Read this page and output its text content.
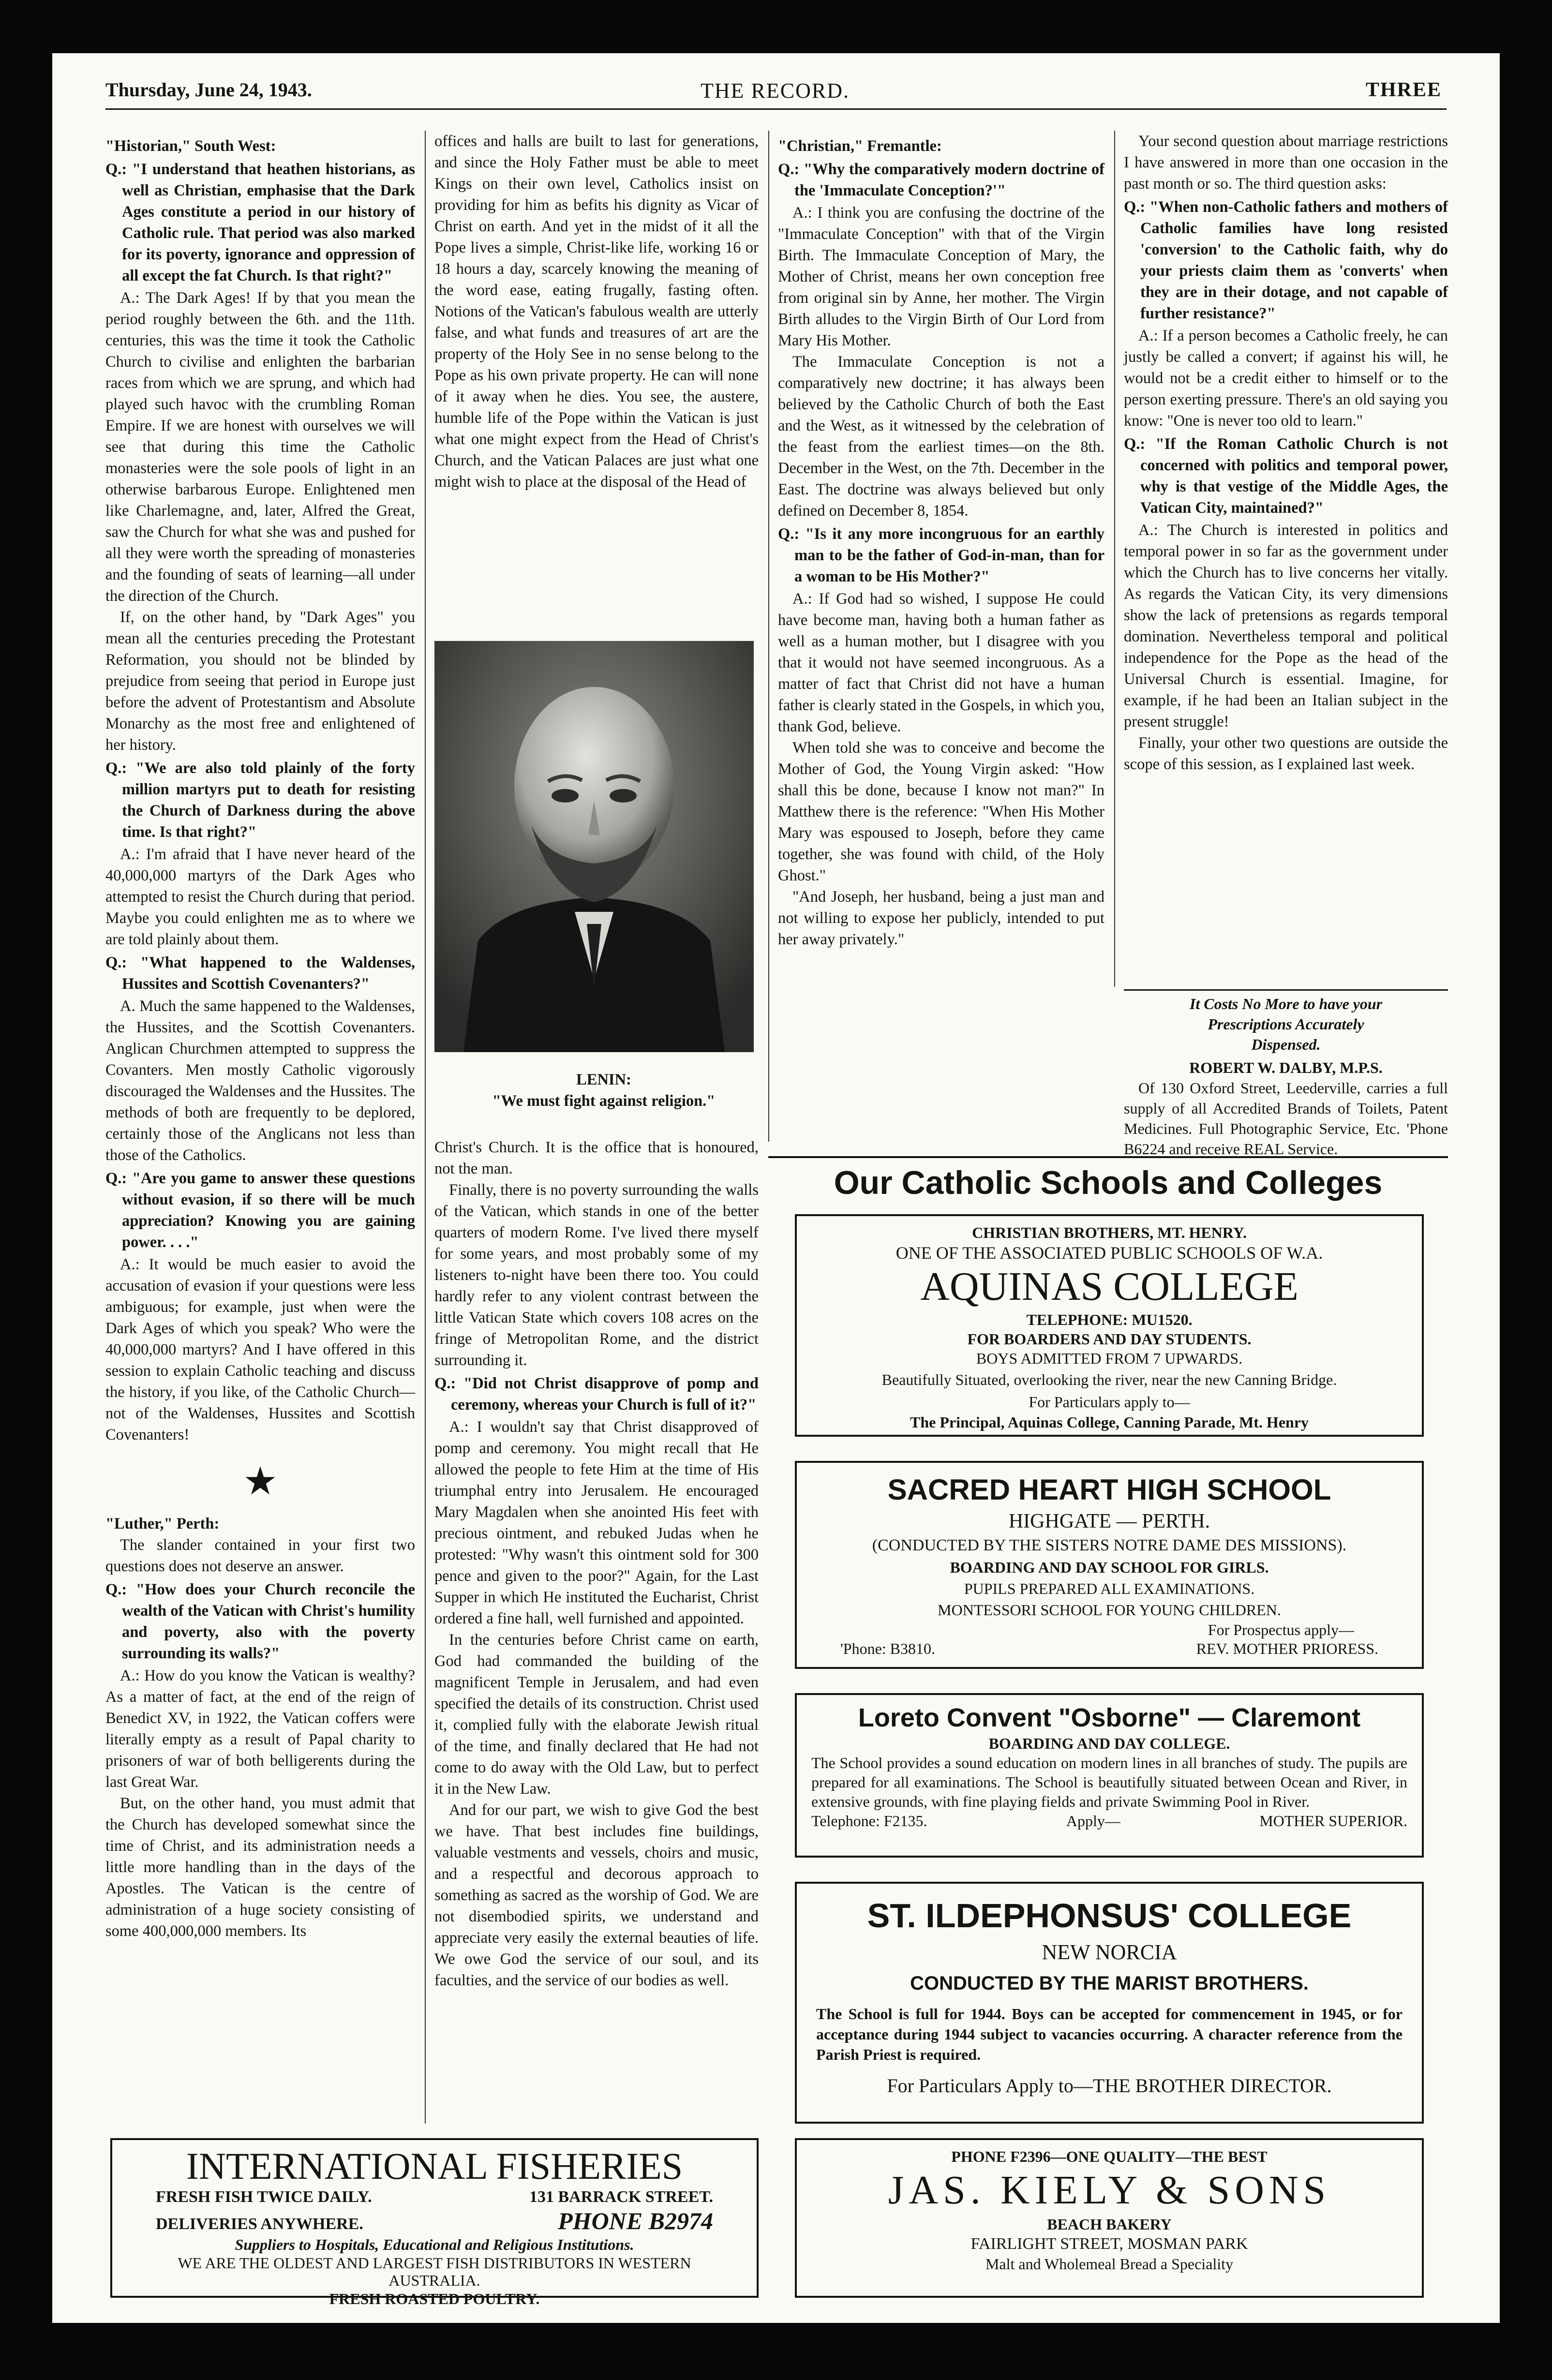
Thursday, June 24, 1943.	THE RECORD.	THREE

"Historian," South West:

Q.: "I understand that heathen historians, as well as Christian, emphasise that the Dark Ages constitute a period in our history of Catholic rule. That period was also marked for its poverty, ignorance and oppression of all except the fat Church. Is that right?"

A.: The Dark Ages! If by that you mean the period roughly between the 6th. and the 11th. centuries, this was the time it took the Catholic Church to civilise and enlighten the barbarian races from which we are sprung, and which had played such havoc with the crumbling Roman Empire. If we are honest with ourselves we will see that during this time the Catholic monasteries were the sole pools of light in an otherwise barbarous Europe. Enlightened men like Charlemagne, and, later, Alfred the Great, saw the Church for what she was and pushed for all they were worth the spreading of monasteries and the founding of seats of learning—all under the direction of the Church.

If, on the other hand, by "Dark Ages" you mean all the centuries preceding the Protestant Reformation, you should not be blinded by prejudice from seeing that period in Europe just before the advent of Protestantism and Absolute Monarchy as the most free and enlightened of her history.

Q.: "We are also told plainly of the forty million martyrs put to death for resisting the Church of Darkness during the above time. Is that right?"

A.: I'm afraid that I have never heard of the 40,000,000 martyrs of the Dark Ages who attempted to resist the Church during that period. Maybe you could enlighten me as to where we are told plainly about them.

Q.: "What happened to the Waldenses, Hussites and Scottish Covenanters?"

A. Much the same happened to the Waldenses, the Hussites, and the Scottish Covenanters. Anglican Churchmen attempted to suppress the Covanters. Men mostly Catholic vigorously discouraged the Waldenses and the Hussites. The methods of both are frequently to be deplored, certainly those of the Anglicans not less than those of the Catholics.

Q.: "Are you game to answer these questions without evasion, if so there will be much appreciation? Knowing you are gaining power. . . ."

A.: It would be much easier to avoid the accusation of evasion if your questions were less ambiguous; for example, just when were the Dark Ages of which you speak? Who were the 40,000,000 martyrs? And I have offered in this session to explain Catholic teaching and discuss the history, if you like, of the Catholic Church—not of the Waldenses, Hussites and Scottish Covenanters!

★

"Luther," Perth:

The slander contained in your first two questions does not deserve an answer.

Q.: "How does your Church reconcile the wealth of the Vatican with Christ's humility and poverty, also with the poverty surrounding its walls?"

A.: How do you know the Vatican is wealthy? As a matter of fact, at the end of the reign of Benedict XV, in 1922, the Vatican coffers were literally empty as a result of Papal charity to prisoners of war of both belligerents during the last Great War.

But, on the other hand, you must admit that the Church has developed somewhat since the time of Christ, and its administration needs a little more handling than in the days of the Apostles. The Vatican is the centre of administration of a huge society consisting of some 400,000,000 members. Its

offices and halls are built to last for generations, and since the Holy Father must be able to meet Kings on their own level, Catholics insist on providing for him as befits his dignity as Vicar of Christ on earth. And yet in the midst of it all the Pope lives a simple, Christ-like life, working 16 or 18 hours a day, scarcely knowing the meaning of the word ease, eating frugally, fasting often. Notions of the Vatican's fabulous wealth are utterly false, and what funds and treasures of art are the property of the Holy See in no sense belong to the Pope as his own private property. He can will none of it away when he dies. You see, the austere, humble life of the Pope within the Vatican is just what one might expect from the Head of Christ's Church, and the Vatican Palaces are just what one might wish to place at the disposal of the Head of

LENIN:

"We must fight against religion."

Christ's Church. It is the office that is honoured, not the man.

Finally, there is no poverty surrounding the walls of the Vatican, which stands in one of the better quarters of modern Rome. I've lived there myself for some years, and most probably some of my listeners to-night have been there too. You could hardly refer to any violent contrast between the little Vatican State which covers 108 acres on the fringe of Metropolitan Rome, and the district surrounding it.

Q.: "Did not Christ disapprove of pomp and ceremony, whereas your Church is full of it?"

A.: I wouldn't say that Christ disapproved of pomp and ceremony. You might recall that He allowed the people to fete Him at the time of His triumphal entry into Jerusalem. He encouraged Mary Magdalen when she anointed His feet with precious ointment, and rebuked Judas when he protested: "Why wasn't this ointment sold for 300 pence and given to the poor?" Again, for the Last Supper in which He instituted the Eucharist, Christ ordered a fine hall, well furnished and appointed.

In the centuries before Christ came on earth, God had commanded the building of the magnificent Temple in Jerusalem, and had even specified the details of its construction. Christ used it, complied fully with the elaborate Jewish ritual of the time, and finally declared that He had not come to do away with the Old Law, but to perfect it in the New Law.

And for our part, we wish to give God the best we have. That best includes fine buildings, valuable vestments and vessels, choirs and music, and a respectful and decorous approach to something as sacred as the worship of God. We are not disembodied spirits, we understand and appreciate very easily the external beauties of life. We owe God the service of our soul, and its faculties, and the service of our bodies as well.

"Christian," Fremantle:

Q.: "Why the comparatively modern doctrine of the 'Immaculate Conception?'"

A.: I think you are confusing the doctrine of the "Immaculate Conception" with that of the Virgin Birth. The Immaculate Conception of Mary, the Mother of Christ, means her own conception free from original sin by Anne, her mother. The Virgin Birth alludes to the Virgin Birth of Our Lord from Mary His Mother.

The Immaculate Conception is not a comparatively new doctrine; it has always been believed by the Catholic Church of both the East and the West, as it witnessed by the celebration of the feast from the earliest times—on the 8th. December in the West, on the 7th. December in the East. The doctrine was always believed but only defined on December 8, 1854.

Q.: "Is it any more incongruous for an earthly man to be the father of God-in-man, than for a woman to be His Mother?"

A.: If God had so wished, I suppose He could have become man, having both a human father as well as a human mother, but I disagree with you that it would not have seemed incongruous. As a matter of fact that Christ did not have a human father is clearly stated in the Gospels, in which you, thank God, believe.

When told she was to conceive and become the Mother of God, the Young Virgin asked: "How shall this be done, because I know not man?" In Matthew there is the reference: "When His Mother Mary was espoused to Joseph, before they came together, she was found with child, of the Holy Ghost."

"And Joseph, her husband, being a just man and not willing to expose her publicly, intended to put her away privately."

Your second question about marriage restrictions I have answered in more than one occasion in the past month or so. The third question asks:

Q.: "When non-Catholic fathers and mothers of Catholic families have long resisted 'conversion' to the Catholic faith, why do your priests claim them as 'converts' when they are in their dotage, and not capable of further resistance?"

A.: If a person becomes a Catholic freely, he can justly be called a convert; if against his will, he would not be a credit either to himself or to the person exerting pressure. There's an old saying you know: "One is never too old to learn."

Q.: "If the Roman Catholic Church is not concerned with politics and temporal power, why is that vestige of the Middle Ages, the Vatican City, maintained?"

A.: The Church is interested in politics and temporal power in so far as the government under which the Church has to live concerns her vitally. As regards the Vatican City, its very dimensions show the lack of pretensions as regards temporal domination. Nevertheless temporal and political independence for the Pope as the head of the Universal Church is essential. Imagine, for example, if he had been an Italian subject in the present struggle!

Finally, your other two questions are outside the scope of this session, as I explained last week.

It Costs No More to have your

Prescriptions Accurately

Dispensed.

ROBERT W. DALBY, M.P.S.

Of 130 Oxford Street, Leederville, carries a full supply of all Accredited Brands of Toilets, Patent Medicines. Full Photographic Service, Etc. 'Phone B6224 and receive REAL Service.

Our Catholic Schools and Colleges

CHRISTIAN BROTHERS, MT. HENRY.

ONE OF THE ASSOCIATED PUBLIC SCHOOLS OF W.A.

AQUINAS COLLEGE

TELEPHONE: MU1520.

FOR BOARDERS AND DAY STUDENTS.

BOYS ADMITTED FROM 7 UPWARDS.

Beautifully Situated, overlooking the river, near the new Canning Bridge.

For Particulars apply to—

The Principal, Aquinas College, Canning Parade, Mt. Henry

SACRED HEART HIGH SCHOOL

HIGHGATE — PERTH.

(CONDUCTED BY THE SISTERS NOTRE DAME DES MISSIONS).

BOARDING AND DAY SCHOOL FOR GIRLS.

PUPILS PREPARED ALL EXAMINATIONS.

MONTESSORI SCHOOL FOR YOUNG CHILDREN.

For Prospectus apply—

'Phone: B3810.	REV. MOTHER PRIORESS.

Loreto Convent "Osborne" — Claremont

BOARDING AND DAY COLLEGE.

The School provides a sound education on modern lines in all branches of study. The pupils are prepared for all examinations. The School is beautifully situated between Ocean and River, in extensive grounds, with fine playing fields and private Swimming Pool in River.

Telephone: F2135.	Apply—	MOTHER SUPERIOR.

ST. ILDEPHONSUS' COLLEGE

NEW NORCIA

CONDUCTED BY THE MARIST BROTHERS.

The School is full for 1944. Boys can be accepted for commencement in 1945, or for acceptance during 1944 subject to vacancies occurring. A character reference from the Parish Priest is required.

For Particulars Apply to—THE BROTHER DIRECTOR.

INTERNATIONAL FISHERIES

FRESH FISH TWICE DAILY.	131 BARRACK STREET.
DELIVERIES ANYWHERE.	PHONE B2974

Suppliers to Hospitals, Educational and Religious Institutions.

WE ARE THE OLDEST AND LARGEST FISH DISTRIBUTORS IN WESTERN AUSTRALIA.

FRESH ROASTED POULTRY.

PHONE F2396—ONE QUALITY—THE BEST

JAS. KIELY & SONS

BEACH BAKERY

FAIRLIGHT STREET, MOSMAN PARK

Malt and Wholemeal Bread a Speciality
